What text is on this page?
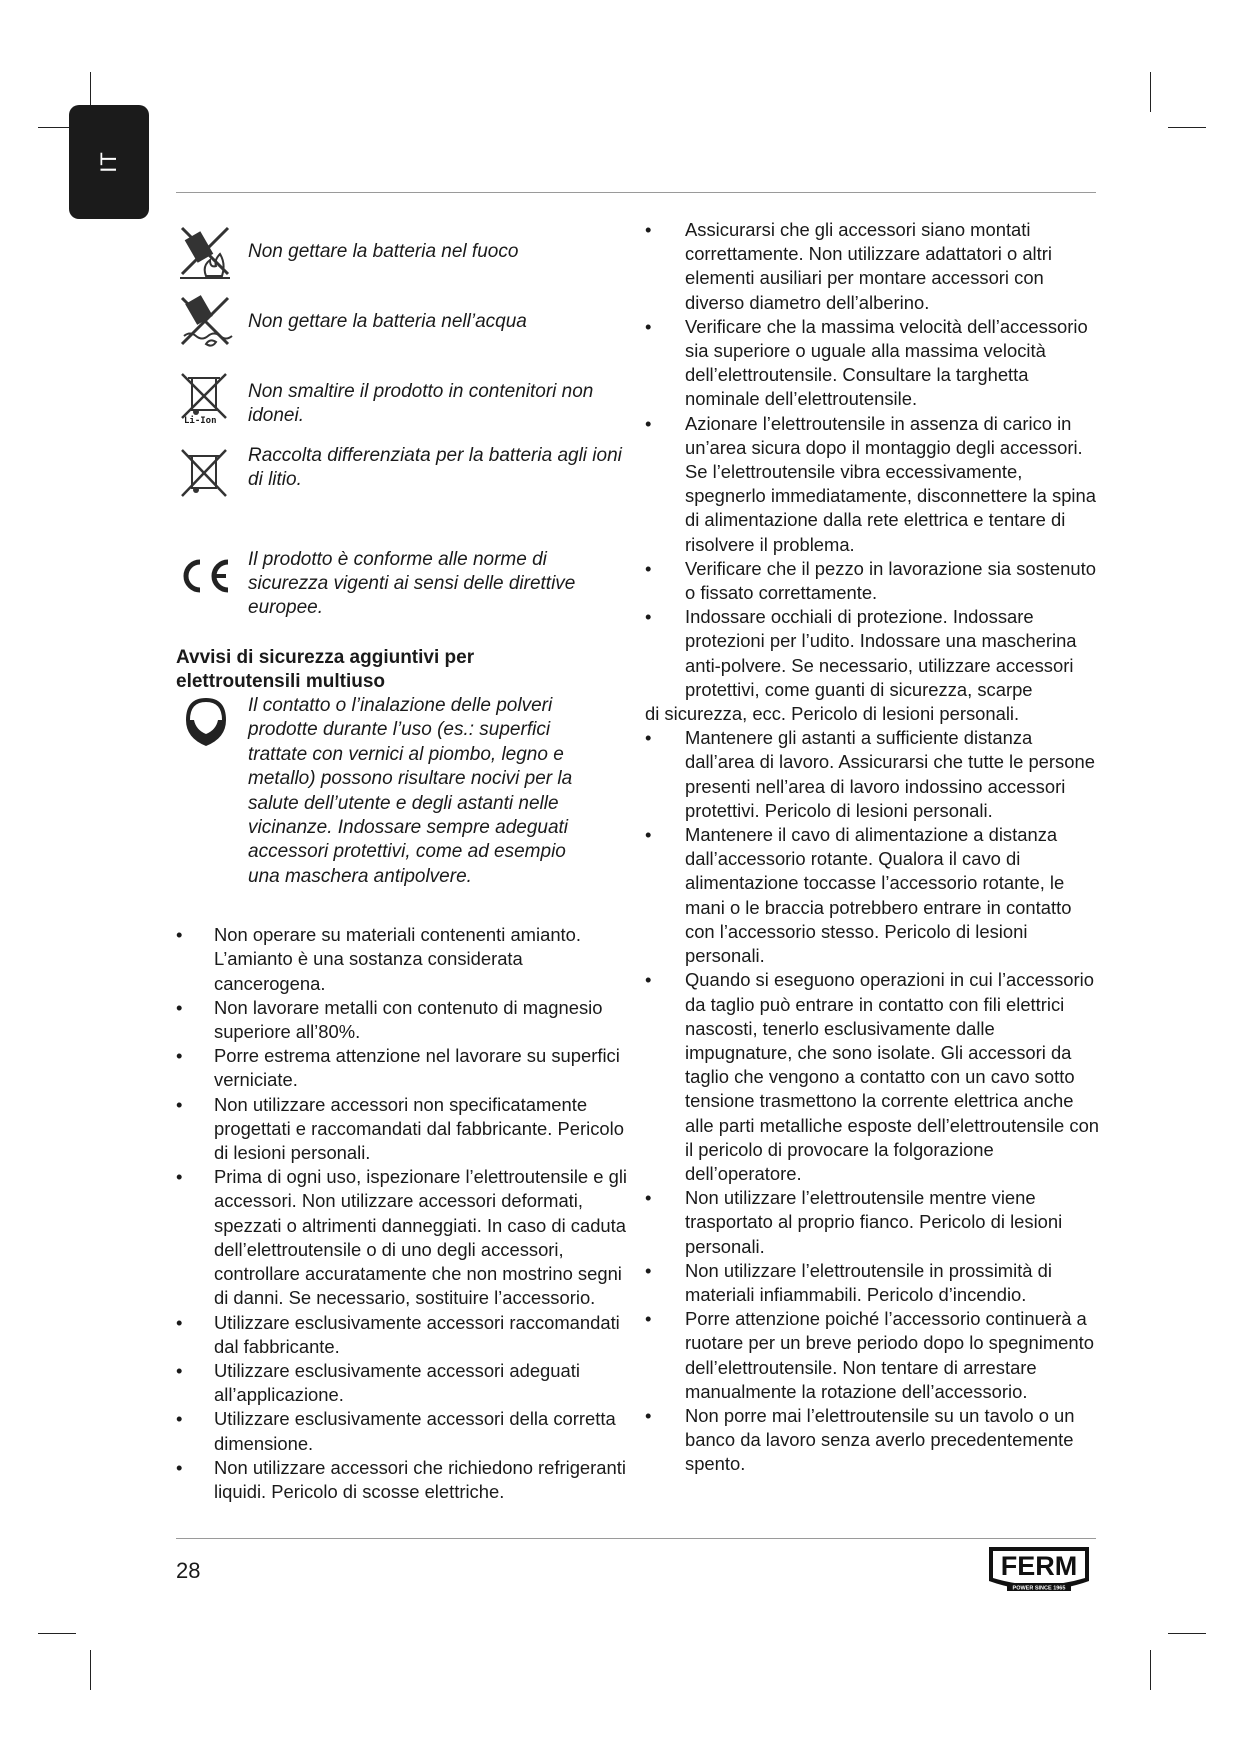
IT
Non gettare la batteria nel fuoco
Non gettare la batteria nell’acqua
Li-Ion
Non smaltire il prodotto in contenitori non idonei.
Raccolta differenziata per la batteria agli ioni di litio.
Il prodotto è conforme alle norme di sicurezza vigenti ai sensi delle direttive europee.
Avvisi di sicurezza aggiuntivi per elettroutensili multiuso
Il contatto o l’inalazione delle polveri prodotte durante l’uso (es.: superfici trattate con vernici al piombo, legno e metallo) possono risultare nocivi per la salute dell’utente e degli astanti nelle vicinanze. Indossare sempre adeguati accessori protettivi, come ad esempio una maschera antipolvere.
• Non operare su materiali contenenti amianto. L’amianto è una sostanza considerata cancerogena.
• Non lavorare metalli con contenuto di magnesio superiore all’80%.
• Porre estrema attenzione nel lavorare su superfici verniciate.
• Non utilizzare accessori non specificatamente progettati e raccomandati dal fabbricante. Pericolo di lesioni personali.
• Prima di ogni uso, ispezionare l’elettroutensile e gli accessori. Non utilizzare accessori deformati, spezzati o altrimenti danneggiati. In caso di caduta dell’elettroutensile o di uno degli accessori, controllare accuratamente che non mostrino segni di danni. Se necessario, sostituire l’accessorio.
• Utilizzare esclusivamente accessori raccomandati dal fabbricante.
• Utilizzare esclusivamente accessori adeguati all’applicazione.
• Utilizzare esclusivamente accessori della corretta dimensione.
• Non utilizzare accessori che richiedono refrigeranti liquidi. Pericolo di scosse elettriche.
• Assicurarsi che gli accessori siano montati correttamente. Non utilizzare adattatori o altri elementi ausiliari per montare accessori con diverso diametro dell’alberino.
• Verificare che la massima velocità dell’accessorio sia superiore o uguale alla massima velocità dell’elettroutensile. Consultare la targhetta nominale dell’elettroutensile.
• Azionare l’elettroutensile in assenza di carico in un’area sicura dopo il montaggio degli accessori. Se l’elettroutensile vibra eccessivamente, spegnerlo immediatamente, disconnettere la spina di alimentazione dalla rete elettrica e tentare di risolvere il problema.
• Verificare che il pezzo in lavorazione sia sostenuto o fissato correttamente.
• Indossare occhiali di protezione. Indossare protezioni per l’udito. Indossare una mascherina anti-polvere. Se necessario, utilizzare accessori protettivi, come guanti di sicurezza, scarpe
di sicurezza, ecc. Pericolo di lesioni personali.
• Mantenere gli astanti a sufficiente distanza dall’area di lavoro. Assicurarsi che tutte le persone presenti nell’area di lavoro indossino accessori protettivi. Pericolo di lesioni personali.
• Mantenere il cavo di alimentazione a distanza dall’accessorio rotante. Qualora il cavo di alimentazione toccasse l’accessorio rotante, le mani o le braccia potrebbero entrare in contatto con l’accessorio stesso. Pericolo di lesioni personali.
• Quando si eseguono operazioni in cui l’accessorio da taglio può entrare in contatto con fili elettrici nascosti, tenerlo esclusivamente dalle impugnature, che sono isolate. Gli accessori da taglio che vengono a contatto con un cavo sotto tensione trasmettono la corrente elettrica anche alle parti metalliche esposte dell’elettroutensile con il pericolo di provocare la folgorazione dell’operatore.
• Non utilizzare l’elettroutensile mentre viene trasportato al proprio fianco. Pericolo di lesioni personali.
• Non utilizzare l’elettroutensile in prossimità di materiali infiammabili. Pericolo d’incendio.
• Porre attenzione poiché l’accessorio continuerà a ruotare per un breve periodo dopo lo spegnimento dell’elettroutensile. Non tentare di arrestare manualmente la rotazione dell’accessorio.
• Non porre mai l’elettroutensile su un tavolo o un banco da lavoro senza averlo precedentemente spento.
28	FERM
POWER SINCE 1965
